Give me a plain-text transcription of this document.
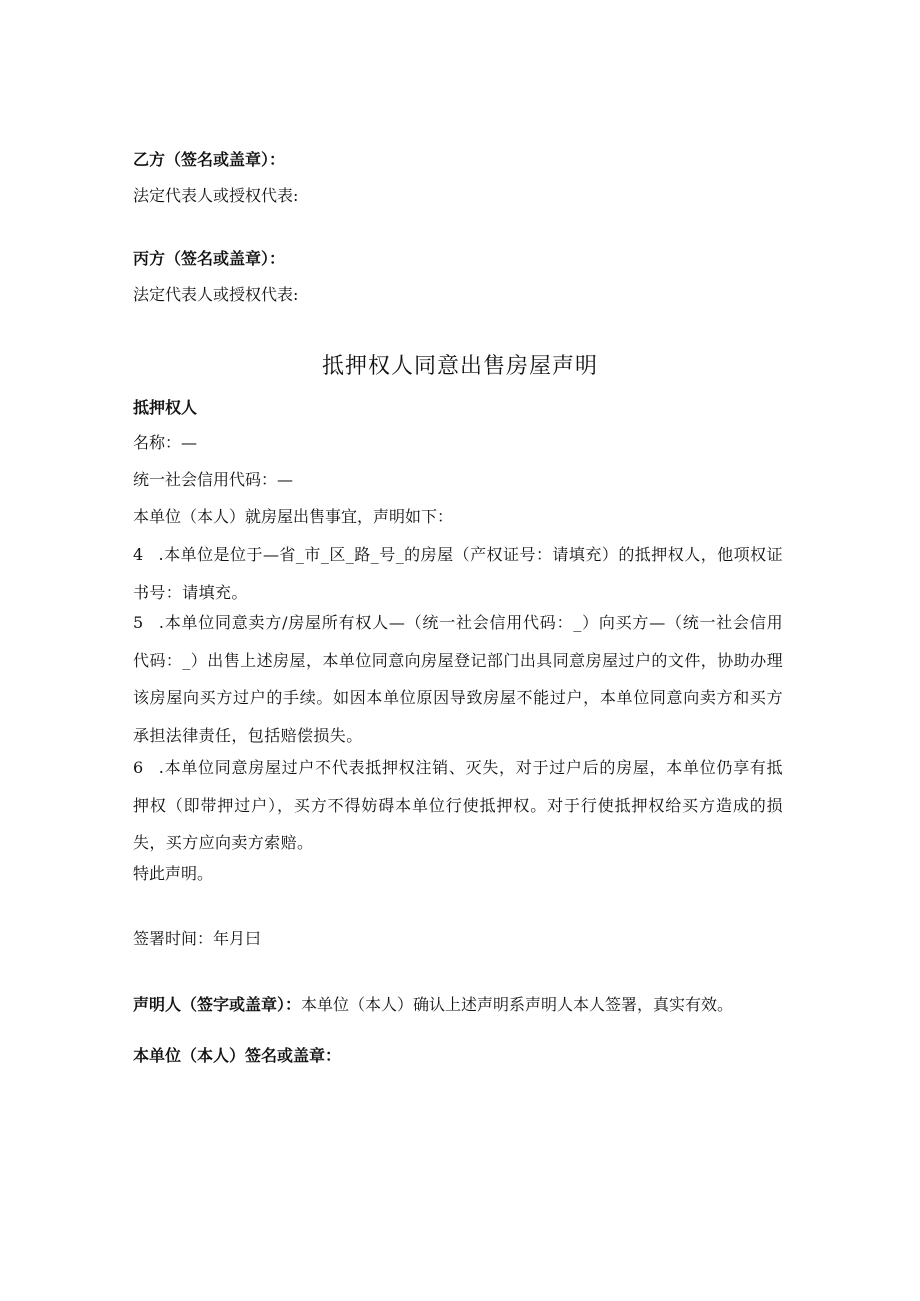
乙方（签名或盖章）：
法定代表人或授权代表:
丙方（签名或盖章）：
法定代表人或授权代表:
抵押权人同意出售房屋声明
抵押权人
名称：—
统一社会信用代码：—
本单位（本人）就房屋出售事宜，声明如下：
4 .本单位是位于—省_市_区_路_号_的房屋（产权证号：请填充）的抵押权人，他项权证书号：请填充。
5 .本单位同意卖方/房屋所有权人—（统一社会信用代码：_）向买方—（统一社会信用代码：_）出售上述房屋，本单位同意向房屋登记部门出具同意房屋过户的文件，协助办理该房屋向买方过户的手续。如因本单位原因导致房屋不能过户，本单位同意向卖方和买方承担法律责任，包括赔偿损失。
6 .本单位同意房屋过户不代表抵押权注销、灭失，对于过户后的房屋，本单位仍享有抵押权（即带押过户），买方不得妨碍本单位行使抵押权。对于行使抵押权给买方造成的损失，买方应向卖方索赔。
特此声明。
签署时间：年月曰
声明人（签字或盖章）：本单位（本人）确认上述声明系声明人本人签署，真实有效。
本单位（本人）签名或盖章：
